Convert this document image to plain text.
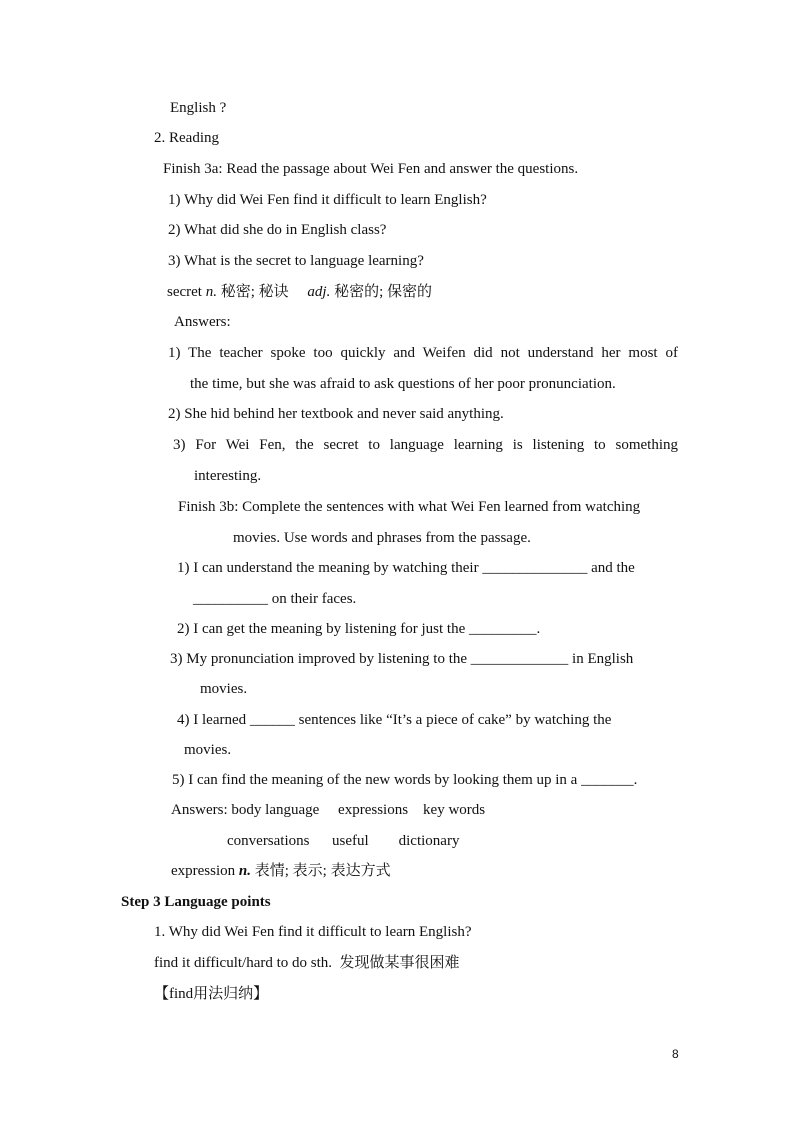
English ?
2. Reading
Finish 3a: Read the passage about Wei Fen and answer the questions.
1) Why did Wei Fen find it difficult to learn English?
2) What did she do in English class?
3) What is the secret to language learning?
secret n. 秘密; 秘诀 adj. 秘密的; 保密的
Answers:
1) The teacher spoke too quickly and Weifen did not understand her most of
the time, but she was afraid to ask questions of her poor pronunciation.
2) She hid behind her textbook and never said anything.
3) For Wei Fen, the secret to language learning is listening to something
interesting.
Finish 3b: Complete the sentences with what Wei Fen learned from watching
movies. Use words and phrases from the passage.
1) I can understand the meaning by watching their ______________ and the
__________ on their faces.
2) I can get the meaning by listening for just the _________.
3) My pronunciation improved by listening to the _____________ in English
movies.
4) I learned ______ sentences like “It’s a piece of cake” by watching the
movies.
5) I can find the meaning of the new words by looking them up in a _______.
Answers: body language     expressions    key words
conversations      useful        dictionary
expression n. 表情; 表示; 表达方式
Step 3 Language points
1. Why did Wei Fen find it difficult to learn English?
find it difficult/hard to do sth.  发现做某事很困难
【find用法归纳】
8
